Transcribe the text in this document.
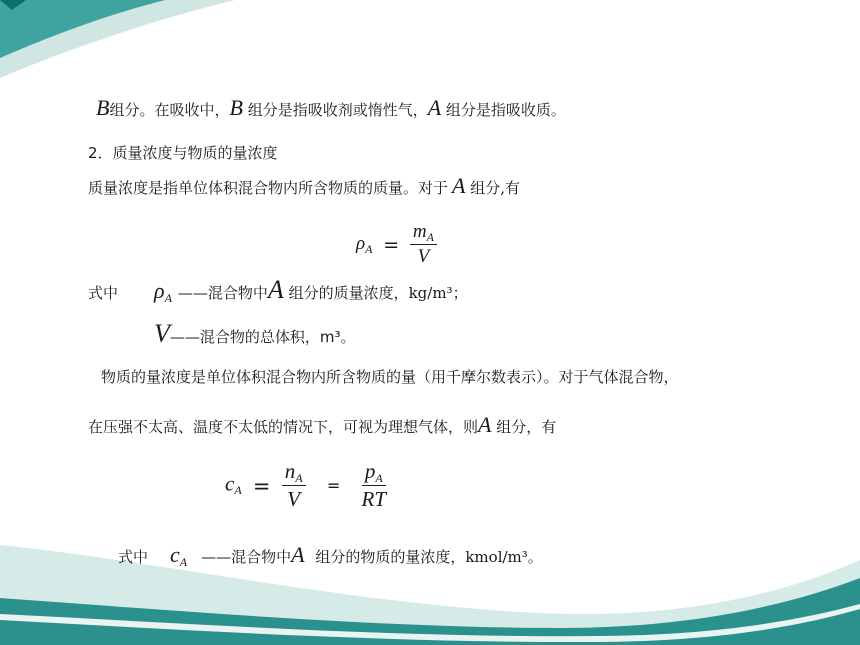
B组分。在吸收中，B 组分是指吸收剂或惰性气，A 组分是指吸收质。
2．质量浓度与物质的量浓度
质量浓度是指单位体积混合物内所含物质的质量。对于 A 组分,有
$\rho_A = \frac{m_A}{V}$
式中 $\rho_A$ ——混合物中A 组分的质量浓度，kg/m³；
V——混合物的总体积，m³。
物质的量浓度是单位体积混合物内所含物质的量（用千摩尔数表示）。对于气体混合物，
在压强不太高、温度不太低的情况下，可视为理想气体，则A 组分，有
cA = $\frac{nA}{V} = \frac{pA}{RT}$
式中 $c_A$ ——混合物中A 组分的物质的量浓度，kmol/m³。
